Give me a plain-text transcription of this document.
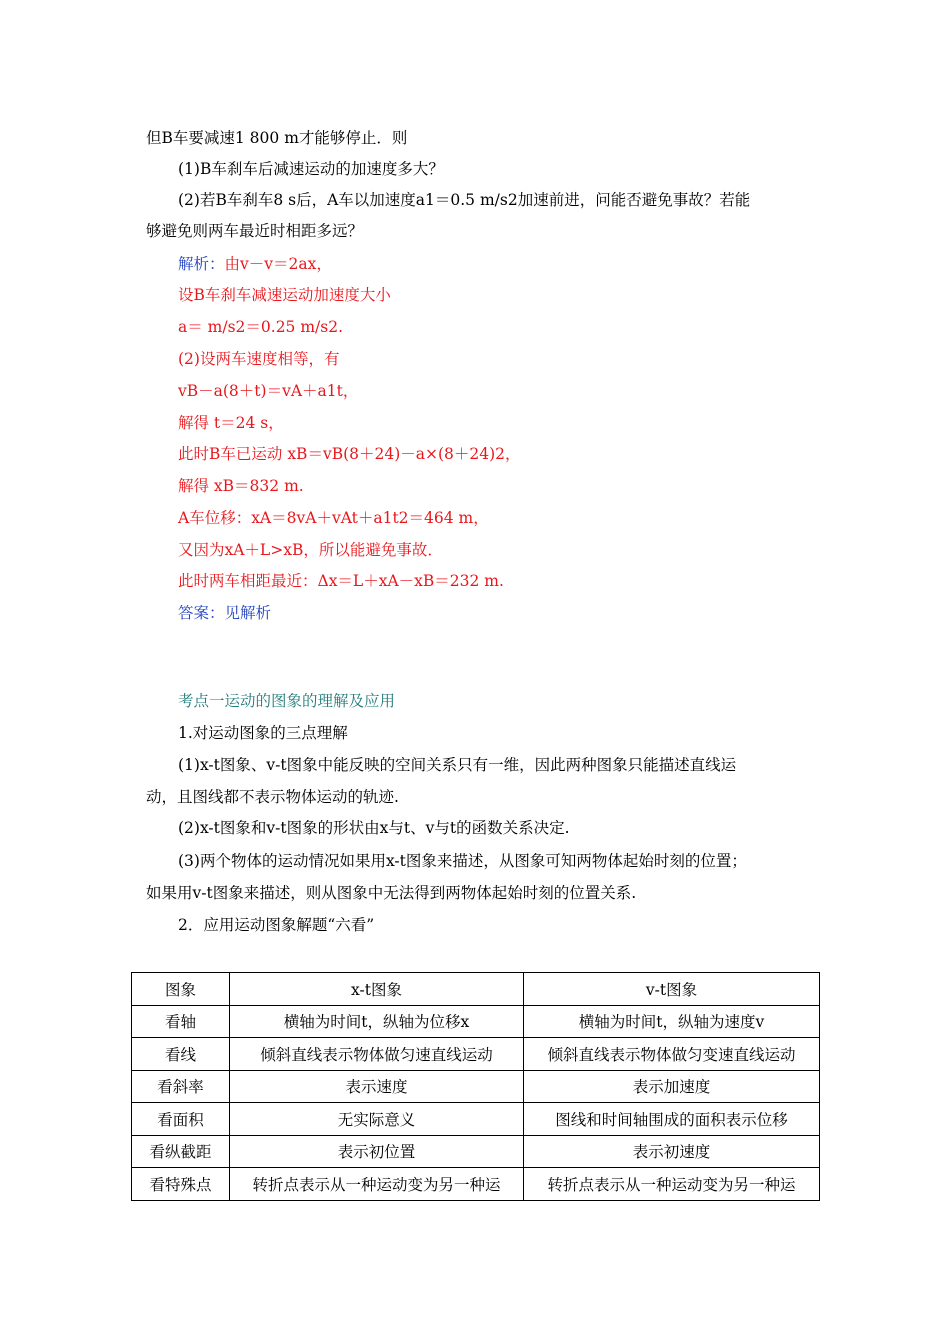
但B车要减速1 800 m才能够停止．则
(1)B车刹车后减速运动的加速度多大？
(2)若B车刹车8 s后，A车以加速度a1＝0.5 m/s2加速前进，问能否避免事故？若能
够避免则两车最近时相距多远？
解析：由v－v＝2ax，
设B车刹车减速运动加速度大小
a＝ m/s2＝0.25 m/s2.
(2)设两车速度相等，有
vB－a(8＋t)＝vA＋a1t，
解得 t＝24 s，
此时B车已运动 xB＝vB(8＋24)－a×(8＋24)2，
解得 xB＝832 m.
A车位移：xA＝8vA＋vAt＋a1t2＝464 m，
又因为xA＋L>xB，所以能避免事故．
此时两车相距最近：Δx＝L＋xA－xB＝232 m.
答案：见解析
考点一运动的图象的理解及应用
1.对运动图象的三点理解
(1)x-t图象、v-t图象中能反映的空间关系只有一维，因此两种图象只能描述直线运
动，且图线都不表示物体运动的轨迹.
(2)x-t图象和v-t图象的形状由x与t、v与t的函数关系决定.
(3)两个物体的运动情况如果用x-t图象来描述，从图象可知两物体起始时刻的位置；
如果用v-t图象来描述，则从图象中无法得到两物体起始时刻的位置关系.
2．应用运动图象解题“六看”
图象	x-t图象	v-t图象
看轴	横轴为时间t，纵轴为位移x	横轴为时间t，纵轴为速度v
看线	倾斜直线表示物体做匀速直线运动	倾斜直线表示物体做匀变速直线运动
看斜率	表示速度	表示加速度
看面积	无实际意义	图线和时间轴围成的面积表示位移
看纵截距	表示初位置	表示初速度
看特殊点	转折点表示从一种运动变为另一种运	转折点表示从一种运动变为另一种运
